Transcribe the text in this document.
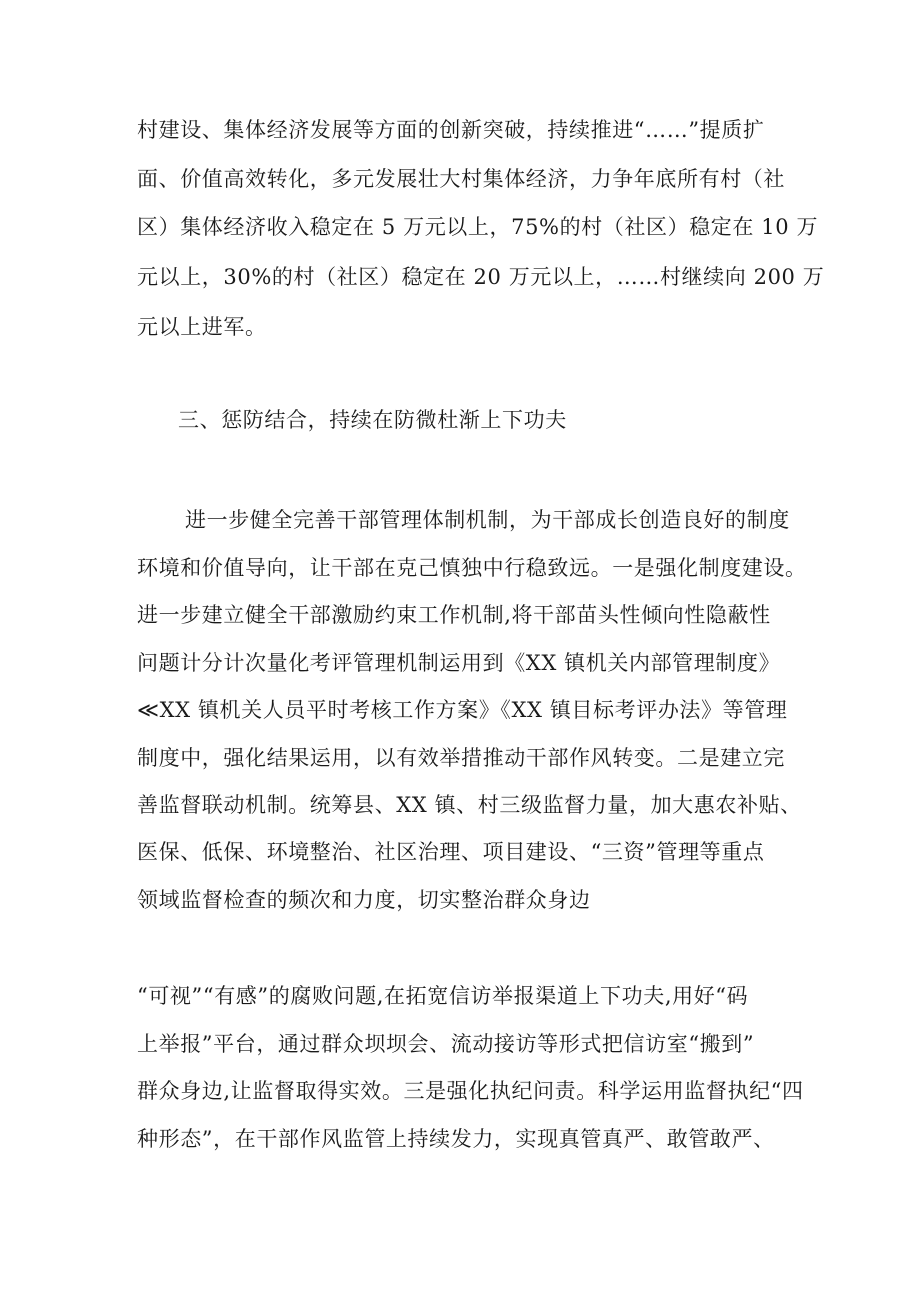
村建设、集体经济发展等方面的创新突破，持续推进“……”提质扩
面、价值高效转化，多元发展壮大村集体经济，力争年底所有村（社
区）集体经济收入稳定在 5 万元以上，75%的村（社区）稳定在 10 万
元以上，30%的村（社区）稳定在 20 万元以上，……村继续向 200 万
元以上进军。
三、惩防结合，持续在防微杜渐上下功夫
进一步健全完善干部管理体制机制，为干部成长创造良好的制度
环境和价值导向，让干部在克己慎独中行稳致远。一是强化制度建设。
进一步建立健全干部激励约束工作机制,将干部苗头性倾向性隐蔽性
问题计分计次量化考评管理机制运用到《XX 镇机关内部管理制度》
≪XX 镇机关人员平时考核工作方案》《XX 镇目标考评办法》等管理
制度中，强化结果运用，以有效举措推动干部作风转变。二是建立完
善监督联动机制。统筹县、XX 镇、村三级监督力量，加大惠农补贴、
医保、低保、环境整治、社区治理、项目建设、“三资”管理等重点
领域监督检查的频次和力度，切实整治群众身边
“可视”“有感”的腐败问题,在拓宽信访举报渠道上下功夫,用好“码
上举报”平台，通过群众坝坝会、流动接访等形式把信访室“搬到”
群众身边,让监督取得实效。三是强化执纪问责。科学运用监督执纪“四
种形态”，在干部作风监管上持续发力，实现真管真严、敢管敢严、
